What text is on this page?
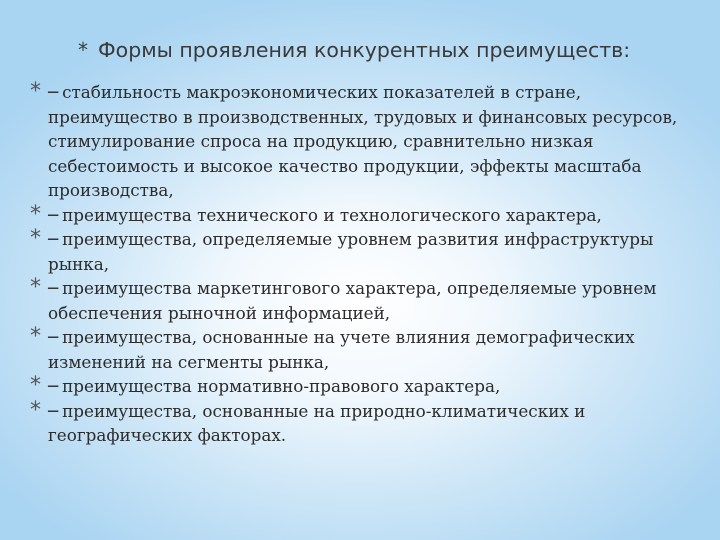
* Формы проявления конкурентных преимуществ:
* ─ стабильность макроэкономических показателей в стране, преимущество в производственных, трудовых и финансовых ресурсов, стимулирование спроса на продукцию, сравнительно низкая себестоимость и высокое качество продукции, эффекты масштаба производства,
* ─ преимущества технического и технологического характера,
* ─ преимущества, определяемые уровнем развития инфраструктуры рынка,
* ─ преимущества маркетингового характера, определяемые уровнем обеспечения рыночной информацией,
* ─ преимущества, основанные на учете влияния демографических изменений на сегменты рынка,
* ─ преимущества нормативно-правового характера,
* ─ преимущества, основанные на природно-климатических и географических факторах.
